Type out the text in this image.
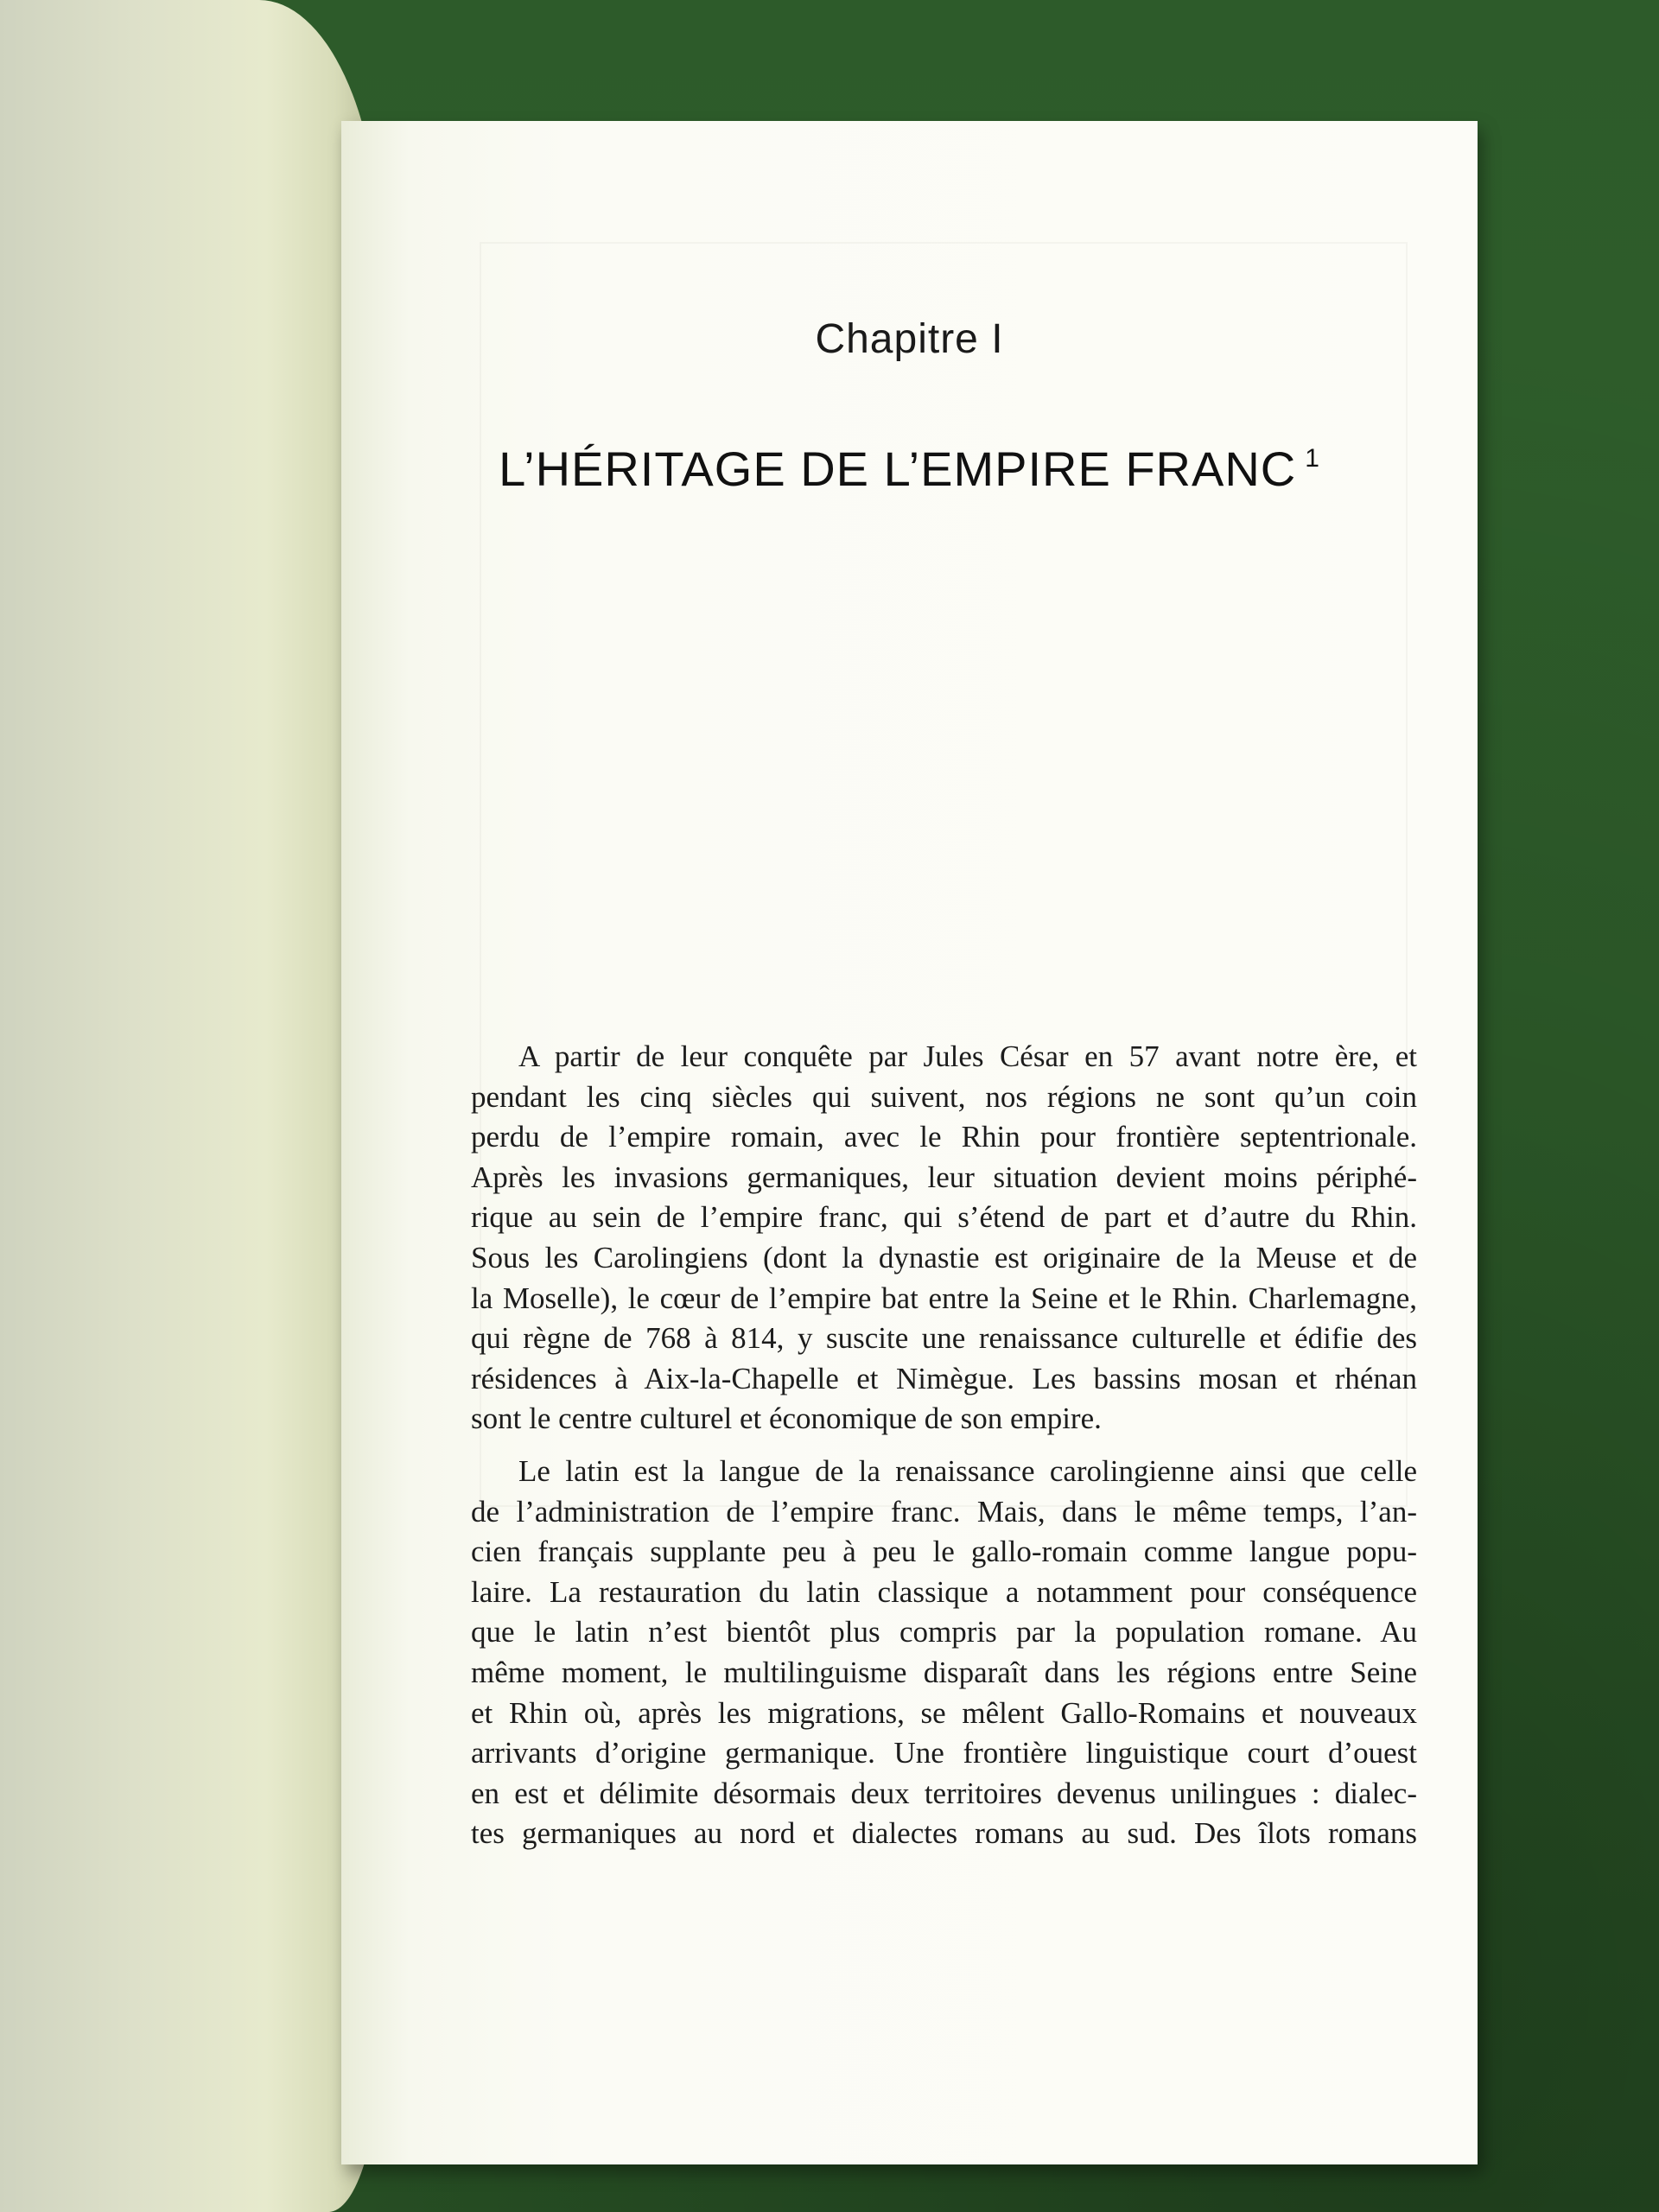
Chapitre I
L’HÉRITAGE DE L’EMPIRE FRANC $^1$
A partir de leur conquête par Jules César en 57 avant notre ère, et
pendant les cinq siècles qui suivent, nos régions ne sont qu’un coin
perdu de l’empire romain, avec le Rhin pour frontière septentrionale.
Après les invasions germaniques, leur situation devient moins périphé-
rique au sein de l’empire franc, qui s’étend de part et d’autre du Rhin.
Sous les Carolingiens (dont la dynastie est originaire de la Meuse et de
la Moselle), le cœur de l’empire bat entre la Seine et le Rhin. Charlemagne,
qui règne de 768 à 814, y suscite une renaissance culturelle et édifie des
résidences à Aix-la-Chapelle et Nimègue. Les bassins mosan et rhénan
sont le centre culturel et économique de son empire.
Le latin est la langue de la renaissance carolingienne ainsi que celle
de l’administration de l’empire franc. Mais, dans le même temps, l’an-
cien français supplante peu à peu le gallo-romain comme langue popu-
laire. La restauration du latin classique a notamment pour conséquence
que le latin n’est bientôt plus compris par la population romane. Au
même moment, le multilinguisme disparaît dans les régions entre Seine
et Rhin où, après les migrations, se mêlent Gallo-Romains et nouveaux
arrivants d’origine germanique. Une frontière linguistique court d’ouest
en est et délimite désormais deux territoires devenus unilingues : dialec-
tes germaniques au nord et dialectes romans au sud. Des îlots romans
